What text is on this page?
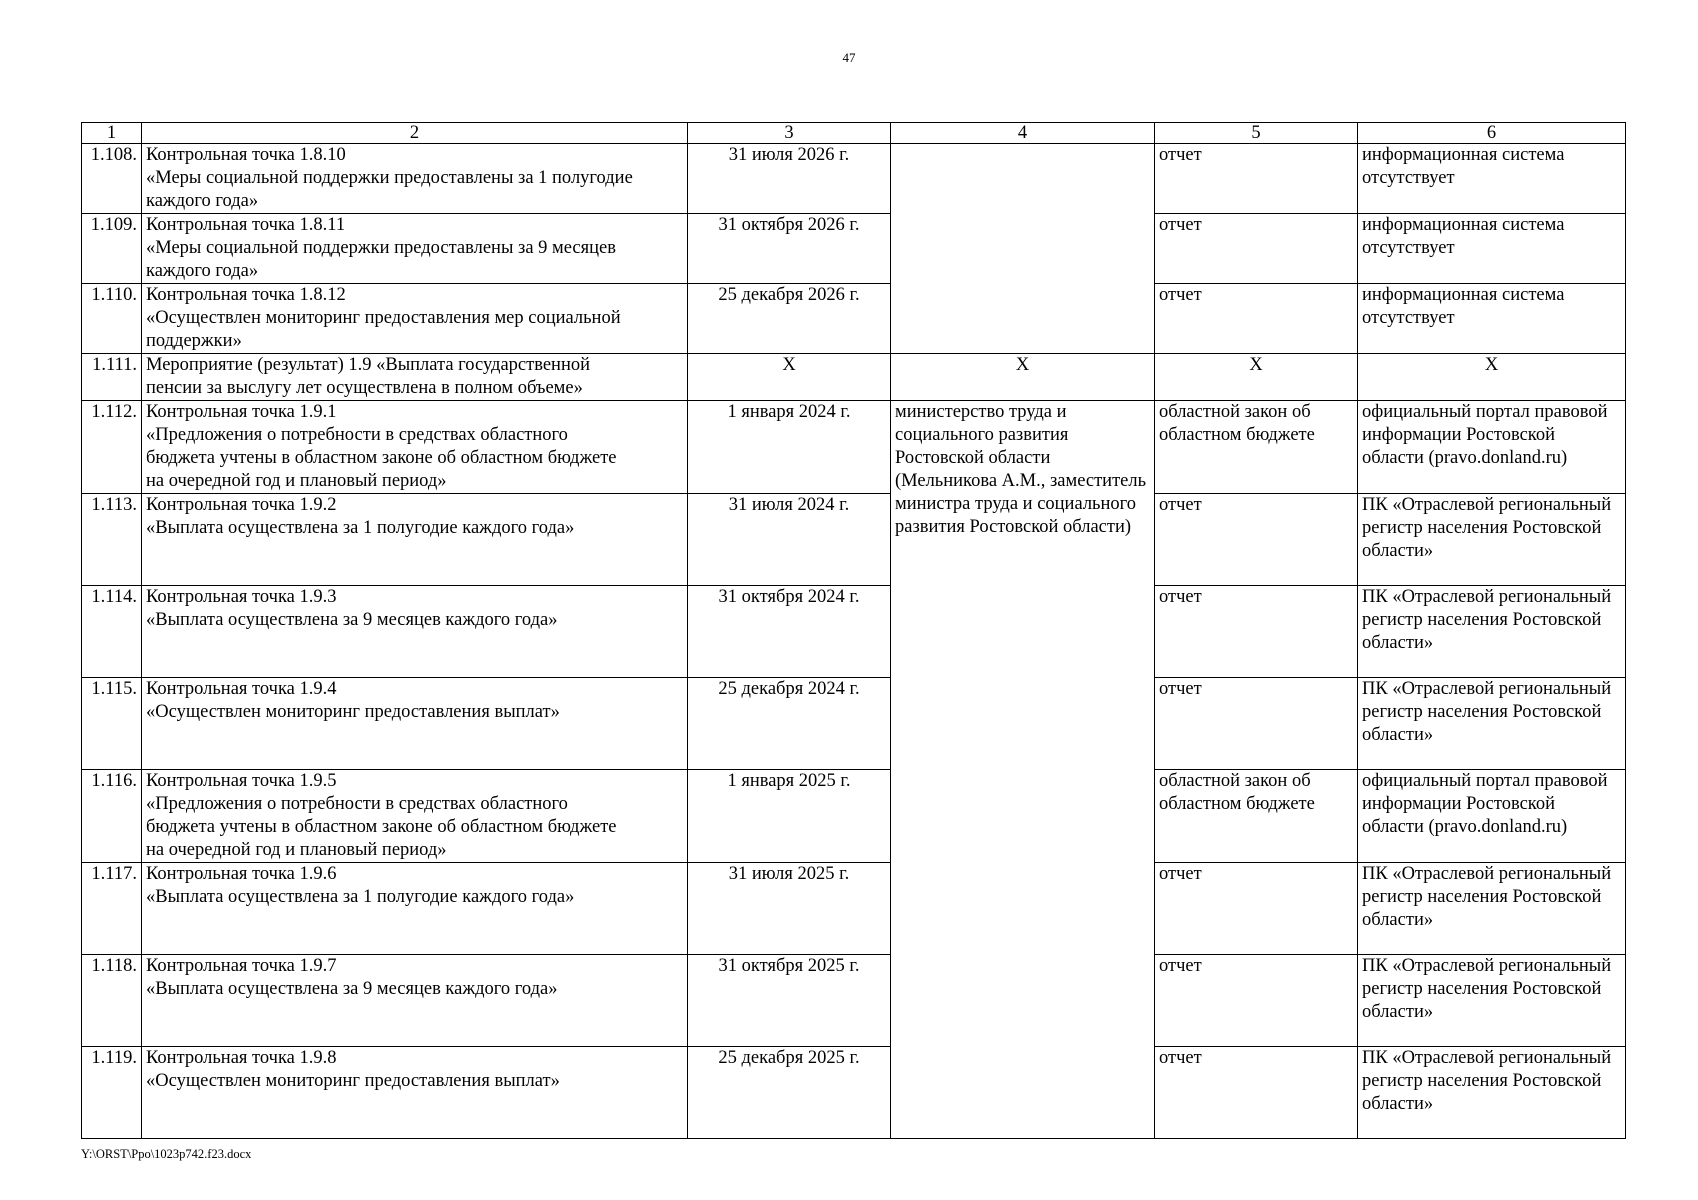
47
1	2	3	4	5	6
1.108.	Контрольная точка 1.8.10
«Меры социальной поддержки предоставлены за 1 полугодие
каждого года»	31 июля 2026 г.		отчет	информационная система отсутствует
1.109.	Контрольная точка 1.8.11
«Меры социальной поддержки предоставлены за 9 месяцев
каждого года»	31 октября 2026 г.		отчет	информационная система отсутствует
1.110.	Контрольная точка 1.8.12
«Осуществлен мониторинг предоставления мер социальной
поддержки»	25 декабря 2026 г.		отчет	информационная система отсутствует
1.111.	Мероприятие (результат) 1.9 «Выплата государственной
пенсии за выслугу лет осуществлена в полном объеме»	X	X	X	X
1.112.	Контрольная точка 1.9.1
«Предложения о потребности в средствах областного
бюджета учтены в областном законе об областном бюджете
на очередной год и плановый период»	1 января 2024 г.	министерство труда и социального развития Ростовской области (Мельникова А.М., заместитель министра труда и социального развития Ростовской области)	областной закон об областном бюджете	официальный портал правовой информации Ростовской области (pravo.donland.ru)
1.113.	Контрольная точка 1.9.2
«Выплата осуществлена за 1 полугодие каждого года»	31 июля 2024 г.		отчет	ПК «Отраслевой региональный регистр населения Ростовской области»
1.114.	Контрольная точка 1.9.3
«Выплата осуществлена за 9 месяцев каждого года»	31 октября 2024 г.		отчет	ПК «Отраслевой региональный регистр населения Ростовской области»
1.115.	Контрольная точка 1.9.4
«Осуществлен мониторинг предоставления выплат»	25 декабря 2024 г.		отчет	ПК «Отраслевой региональный регистр населения Ростовской области»
1.116.	Контрольная точка 1.9.5
«Предложения о потребности в средствах областного
бюджета учтены в областном законе об областном бюджете
на очередной год и плановый период»	1 января 2025 г.		областной закон об областном бюджете	официальный портал правовой информации Ростовской области (pravo.donland.ru)
1.117.	Контрольная точка 1.9.6
«Выплата осуществлена за 1 полугодие каждого года»	31 июля 2025 г.		отчет	ПК «Отраслевой региональный регистр населения Ростовской области»
1.118.	Контрольная точка 1.9.7
«Выплата осуществлена за 9 месяцев каждого года»	31 октября 2025 г.		отчет	ПК «Отраслевой региональный регистр населения Ростовской области»
1.119.	Контрольная точка 1.9.8
«Осуществлен мониторинг предоставления выплат»	25 декабря 2025 г.		отчет	ПК «Отраслевой региональный регистр населения Ростовской области»
Y:\ORST\Ppo\1023p742.f23.docx
